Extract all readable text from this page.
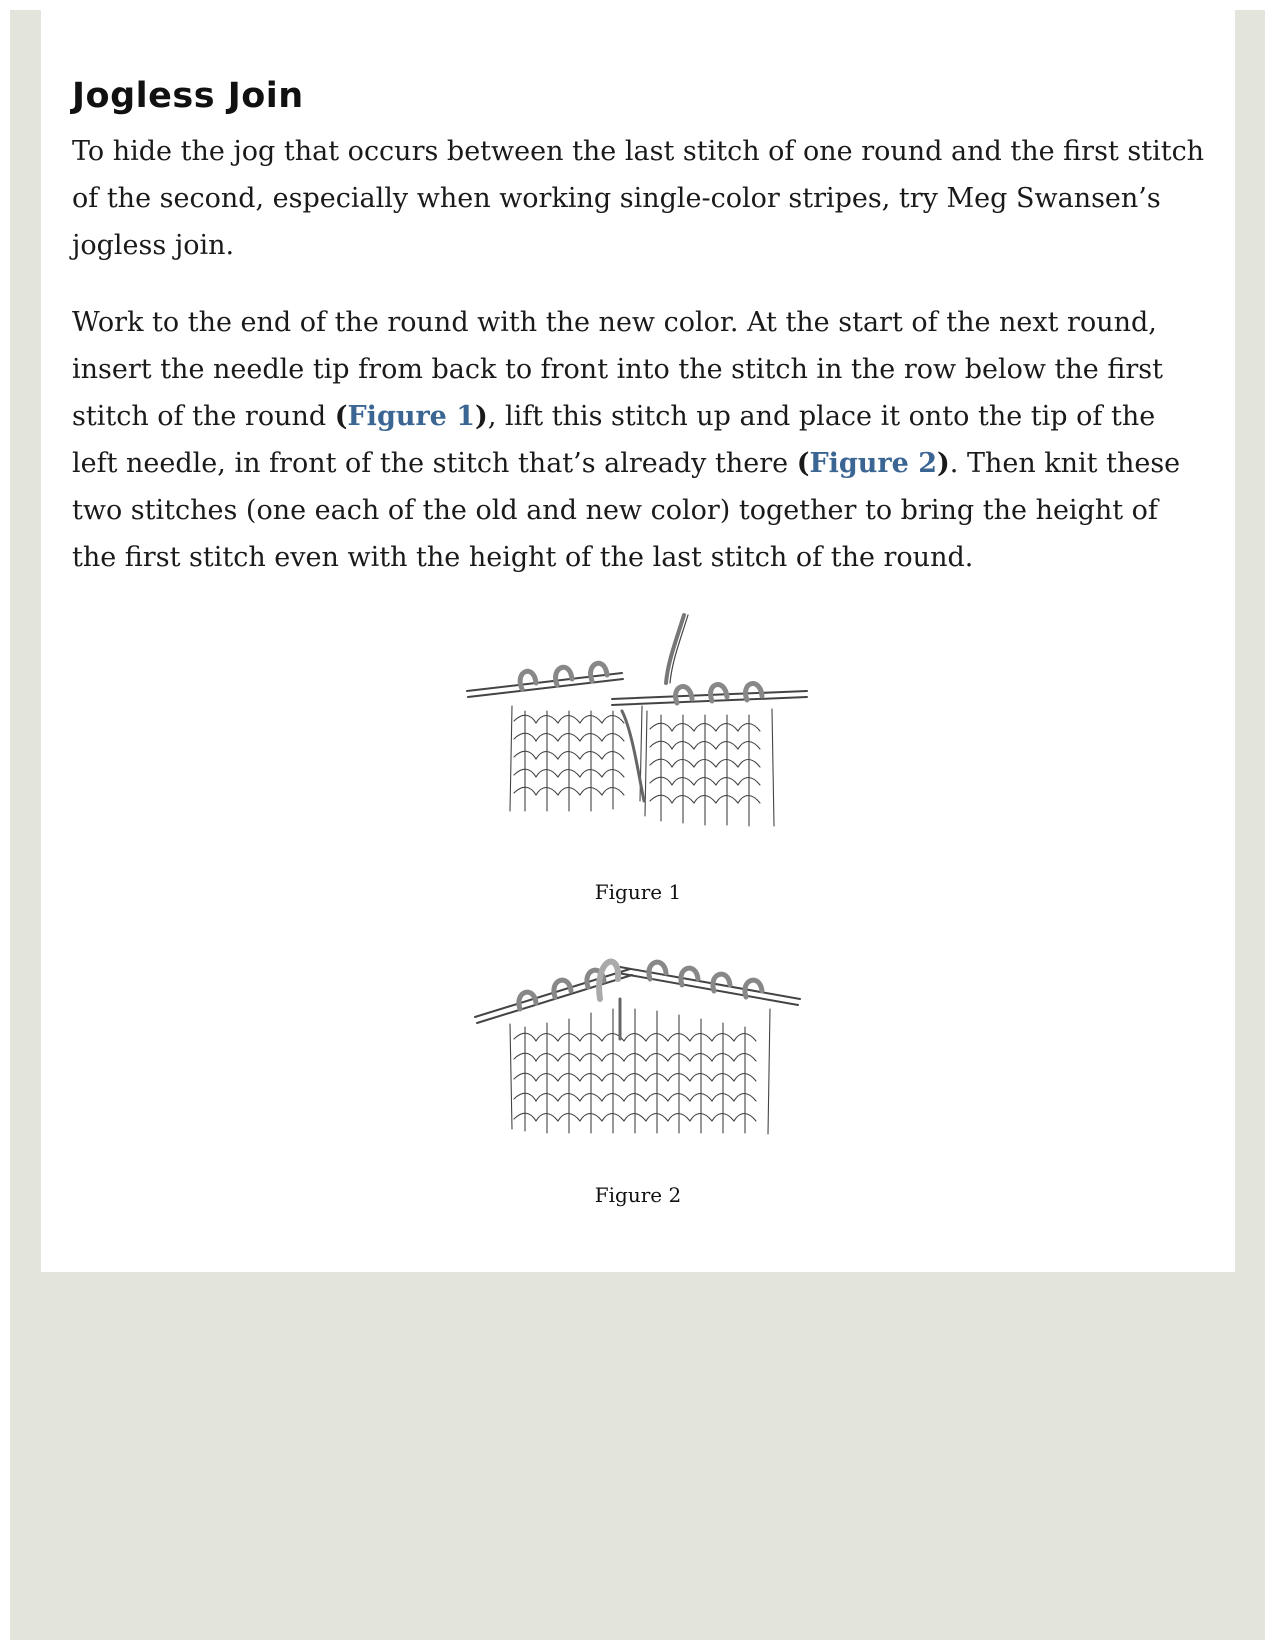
Jogless Join

To hide the jog that occurs between the last stitch of one round and the first stitch of the second, especially when working single-color stripes, try Meg Swansen’s jogless join.

Work to the end of the round with the new color. At the start of the next round, insert the needle tip from back to front into the stitch in the row below the first stitch of the round (Figure 1), lift this stitch up and place it onto the tip of the left needle, in front of the stitch that’s already there (Figure 2). Then knit these two stitches (one each of the old and new color) together to bring the height of the first stitch even with the height of the last stitch of the round.

Figure 1
Figure 2
